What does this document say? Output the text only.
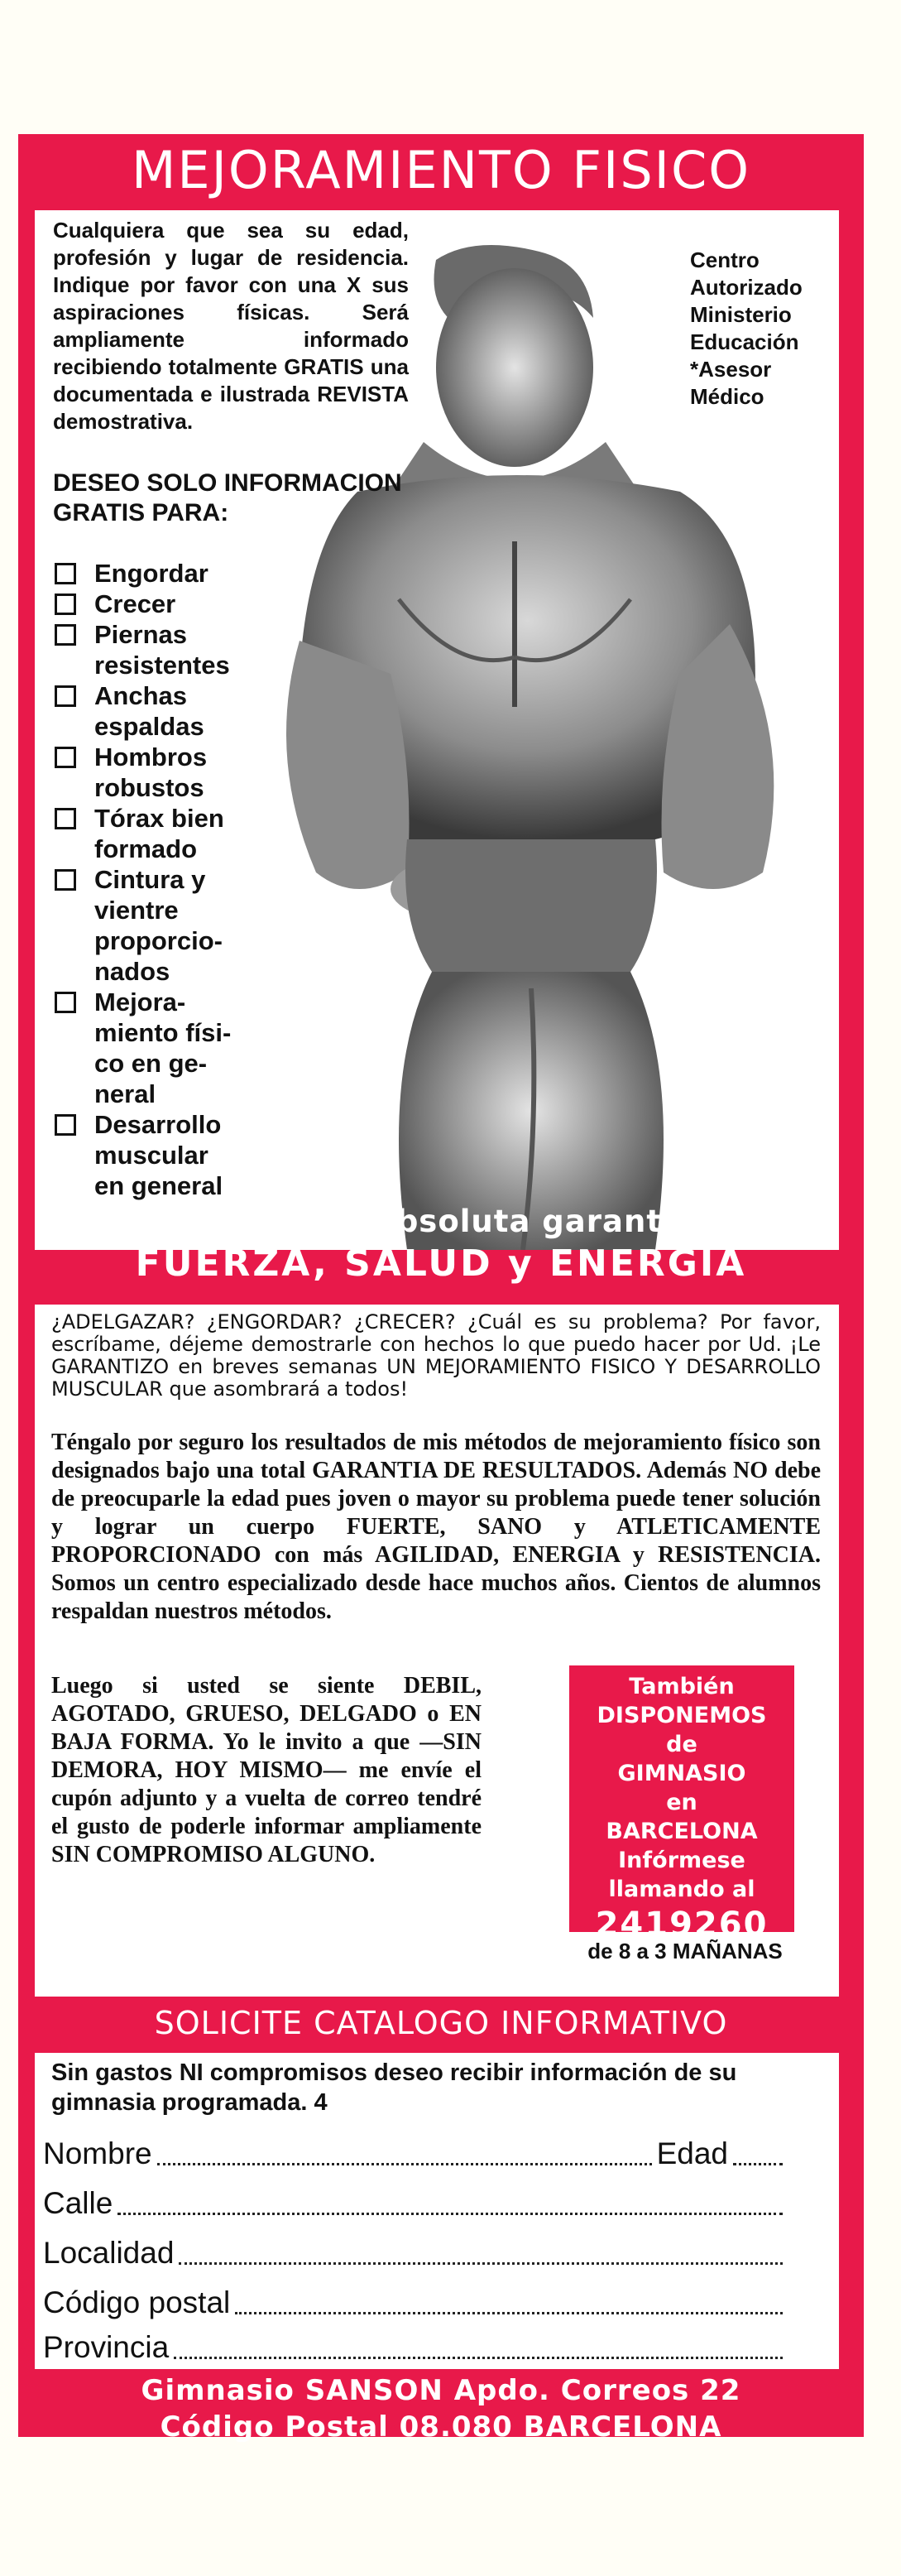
MEJORAMIENTO FISICO
Cualquiera que sea su edad, profesión y lugar de residencia. Indique por favor con una X sus aspiraciones físicas. Será ampliamente informado recibiendo totalmente GRATIS una documentada e ilustrada REVISTA demostrativa.
DESEO SOLO INFORMACION GRATIS PARA:
Engordar
Crecer
Piernas
resistentes
Anchas
espaldas
Hombros
robustos
Tórax bien
formado
Cintura y
vientre
proporcio-
nados
Mejora-
miento físi-
co en ge-
neral
Desarrollo
muscular
en general
Centro
Autorizado
Ministerio
Educación
*Asesor
Médico
conseguirá con absoluta garantía, más
FUERZA, SALUD y ENERGIA
¿ADELGAZAR? ¿ENGORDAR? ¿CRECER? ¿Cuál es su problema? Por favor, escríbame, déjeme demostrarle con hechos lo que puedo hacer por Ud. ¡Le GARANTIZO en breves semanas UN MEJORAMIENTO FISICO Y DESARROLLO MUSCULAR que asombrará a todos!
Téngalo por seguro los resultados de mis métodos de mejoramiento físico son designados bajo una total GARANTIA DE RESULTADOS. Además NO debe de preocuparle la edad pues joven o mayor su problema puede tener solución y lograr un cuerpo FUERTE, SANO y ATLETICAMENTE PROPORCIONADO con más AGILIDAD, ENERGIA y RESISTENCIA. Somos un centro especializado desde hace muchos años. Cientos de alumnos respaldan nuestros métodos.
Luego si usted se siente DEBIL, AGOTADO, GRUESO, DELGADO o EN BAJA FORMA. Yo le invito a que —SIN DEMORA, HOY MISMO— me envíe el cupón adjunto y a vuelta de correo tendré el gusto de poderle informar ampliamente SIN COMPROMISO ALGUNO.
También
DISPONEMOS
de
GIMNASIO
en
BARCELONA
Infórmese
llamando al
2419260
de 8 a 3 MAÑANAS
SOLICITE CATALOGO INFORMATIVO
Sin gastos NI compromisos deseo recibir información de su gimnasia programada. 4
Nombre	Edad
Calle
Localidad
Código postal
Provincia
Gimnasio SANSON Apdo. Correos 22
Código Postal 08.080 BARCELONA
